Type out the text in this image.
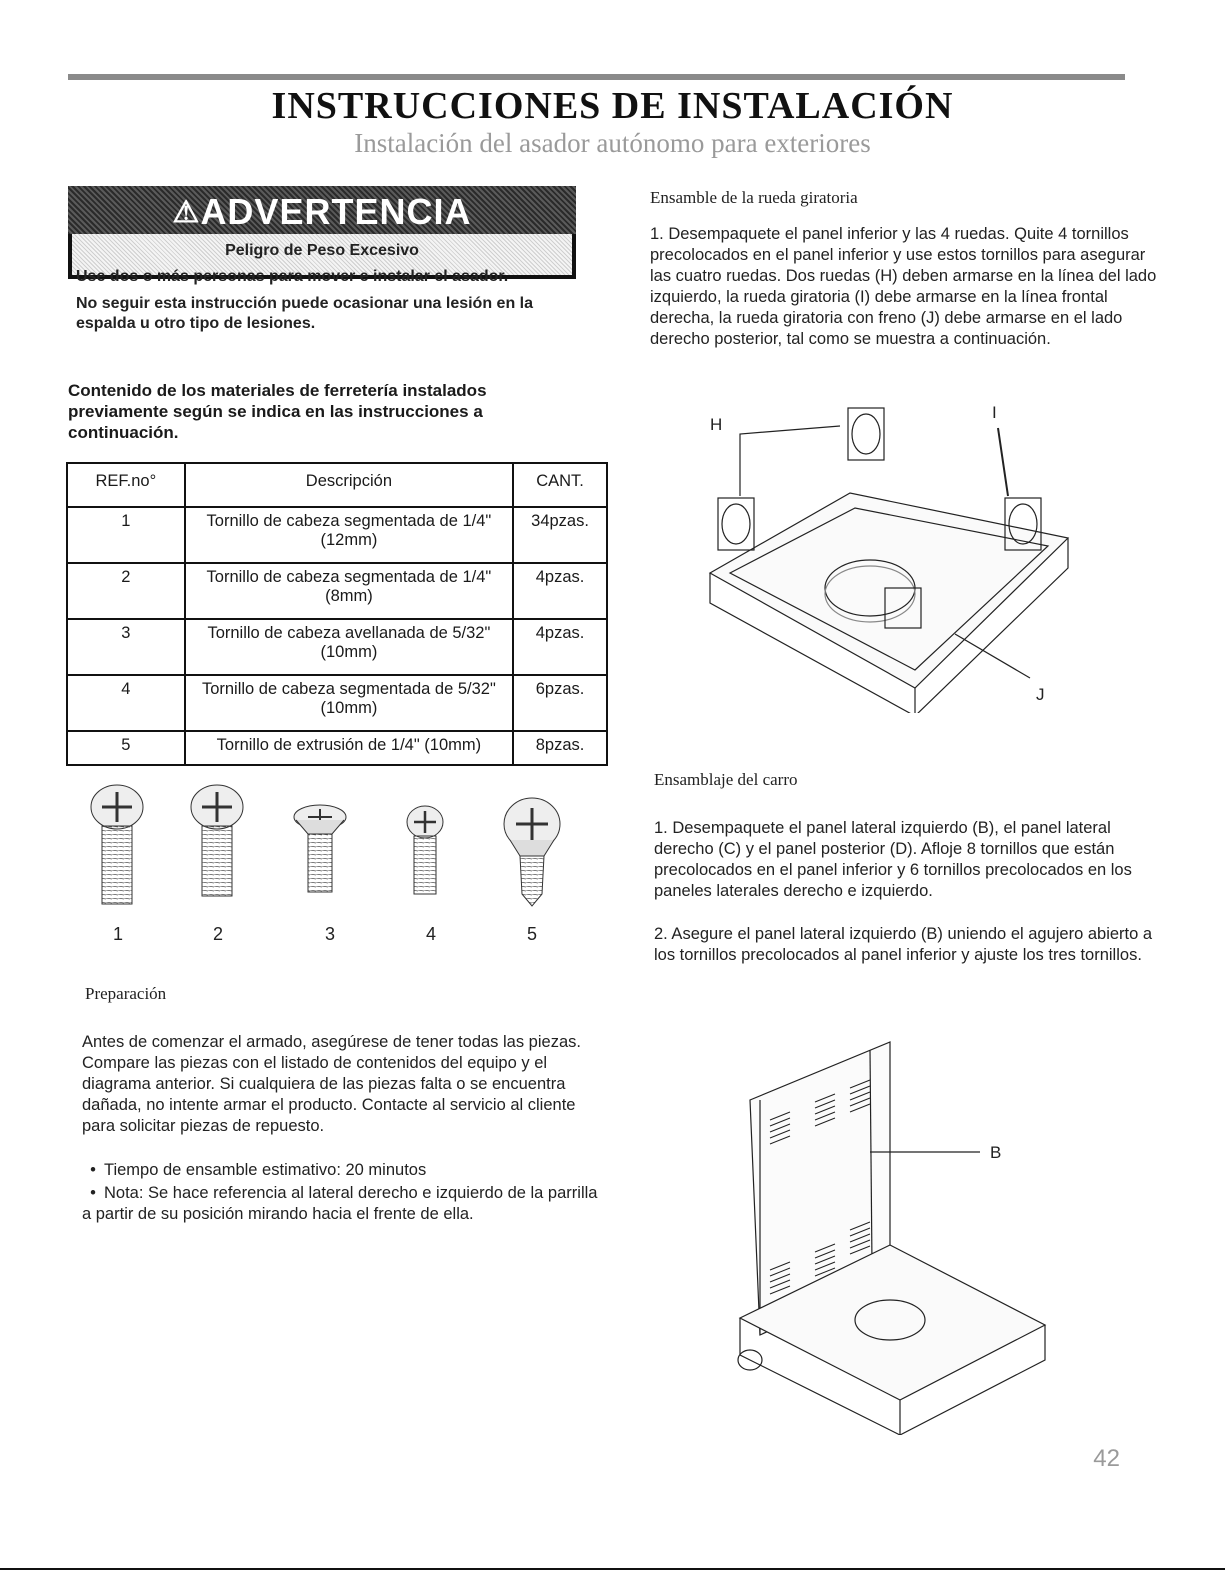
INSTRUCCIONES DE INSTALACIÓN
Instalación del asador autónomo para exteriores
⚠ADVERTENCIA

Peligro de Peso Excesivo

Use dos o más personas para mover e instalar el asador.

No seguir esta instrucción puede ocasionar una lesión en la espalda u otro tipo de lesiones.

Contenido de los materiales de ferretería instalados previamente según se indica en las instrucciones a continuación.
REF.no°	Descripción	CANT.
1	Tornillo de cabeza segmentada de 1/4" (12mm)	34pzas.
2	Tornillo de cabeza segmentada de 1/4" (8mm)	4pzas.
3	Tornillo de cabeza avellanada de 5/32" (10mm)	4pzas.
4	Tornillo de cabeza segmentada de 5/32" (10mm)	6pzas.
5	Tornillo de extrusión de 1/4" (10mm)	8pzas.
1	2	3	4	5
Preparación
Antes de comenzar el armado, asegúrese de tener todas las piezas. Compare las piezas con el listado de contenidos del equipo y el diagrama anterior. Si cualquiera de las piezas falta o se encuentra dañada, no intente armar el producto. Contacte al servicio al cliente para solicitar piezas de repuesto.
• Tiempo de ensamble estimativo: 20 minutos
• Nota: Se hace referencia al lateral derecho e izquierdo de la parrilla a partir de su posición mirando hacia el frente de ella.
Ensamble de la rueda giratoria
1. Desempaquete el panel inferior y las 4 ruedas. Quite 4 tornillos precolocados en el panel inferior y use estos tornillos para asegurar las cuatro ruedas. Dos ruedas (H) deben armarse en la línea del lado izquierdo, la rueda giratoria (I) debe armarse en la línea frontal derecha, la rueda giratoria con freno (J) debe armarse en el lado derecho posterior, tal como se muestra a continuación.
H
I
J
Ensamblaje del carro
1. Desempaquete el panel lateral izquierdo (B), el panel lateral derecho (C) y el panel posterior (D). Afloje 8 tornillos que están precolocados en el panel inferior y 6 tornillos precolocados en los paneles laterales derecho e izquierdo.
2. Asegure el panel lateral izquierdo (B) uniendo el agujero abierto a los tornillos precolocados al panel inferior y ajuste los tres tornillos.
B
42
